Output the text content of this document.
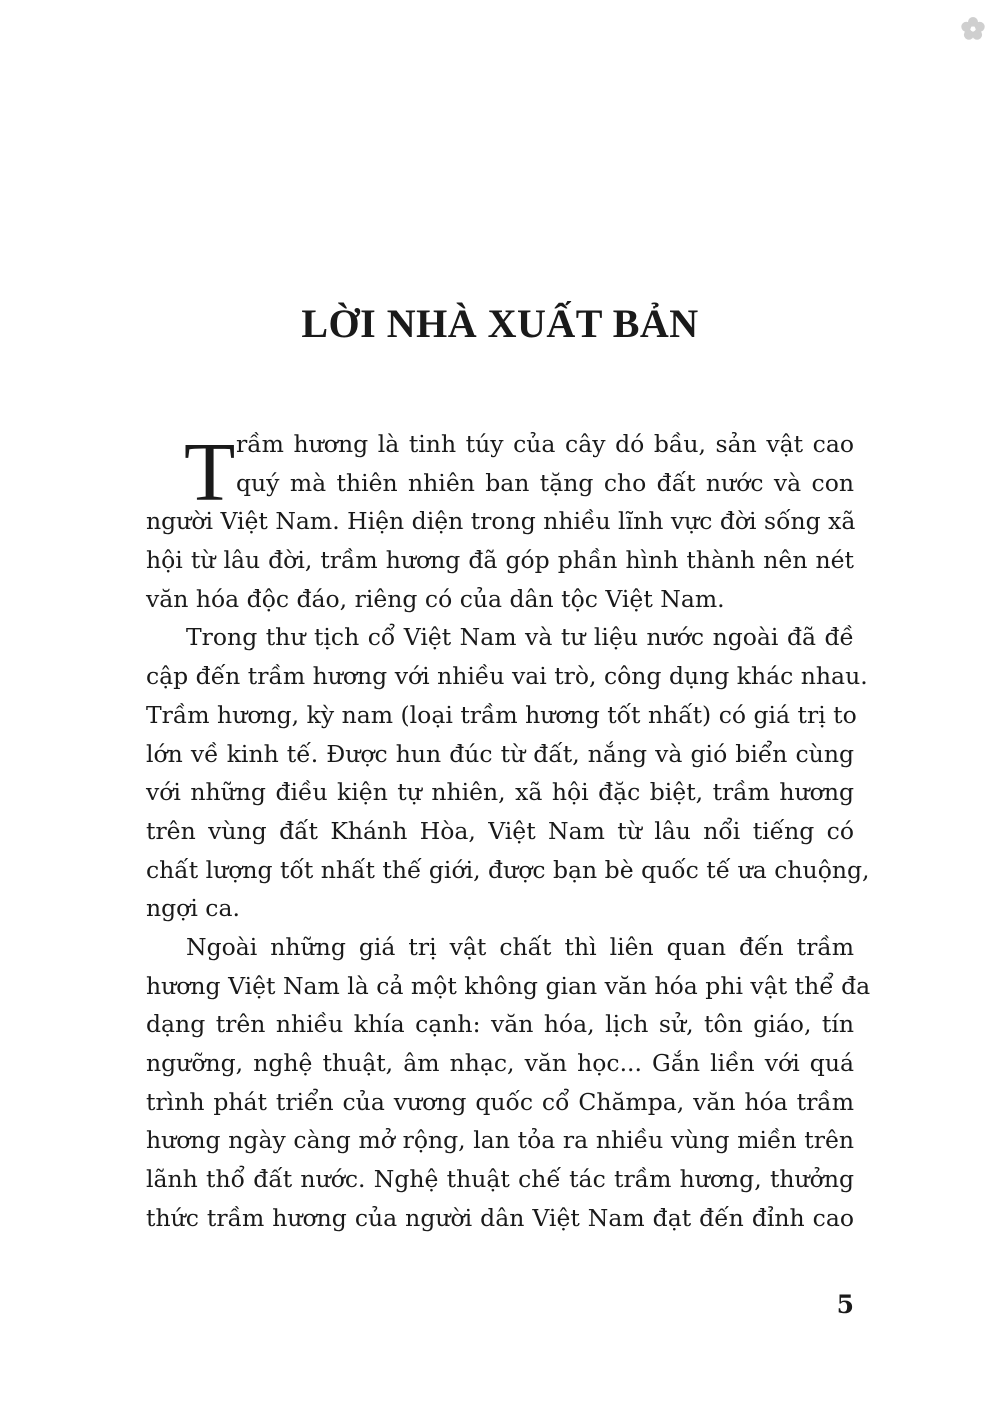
LỜI NHÀ XUẤT BẢN
T rầm hương là tinh túy của cây dó bầu, sản vật cao
quý mà thiên nhiên ban tặng cho đất nước và con
người Việt Nam. Hiện diện trong nhiều lĩnh vực đời sống xã
hội từ lâu đời, trầm hương đã góp phần hình thành nên nét
văn hóa độc đáo, riêng có của dân tộc Việt Nam.
Trong thư tịch cổ Việt Nam và tư liệu nước ngoài đã đề
cập đến trầm hương với nhiều vai trò, công dụng khác nhau.
Trầm hương, kỳ nam (loại trầm hương tốt nhất) có giá trị to
lớn về kinh tế. Được hun đúc từ đất, nắng và gió biển cùng
với những điều kiện tự nhiên, xã hội đặc biệt, trầm hương
trên vùng đất Khánh Hòa, Việt Nam từ lâu nổi tiếng có
chất lượng tốt nhất thế giới, được bạn bè quốc tế ưa chuộng,
ngợi ca.
Ngoài những giá trị vật chất thì liên quan đến trầm
hương Việt Nam là cả một không gian văn hóa phi vật thể đa
dạng trên nhiều khía cạnh: văn hóa, lịch sử, tôn giáo, tín
ngưỡng, nghệ thuật, âm nhạc, văn học... Gắn liền với quá
trình phát triển của vương quốc cổ Chămpa, văn hóa trầm
hương ngày càng mở rộng, lan tỏa ra nhiều vùng miền trên
lãnh thổ đất nước. Nghệ thuật chế tác trầm hương, thưởng
thức trầm hương của người dân Việt Nam đạt đến đỉnh cao
5
